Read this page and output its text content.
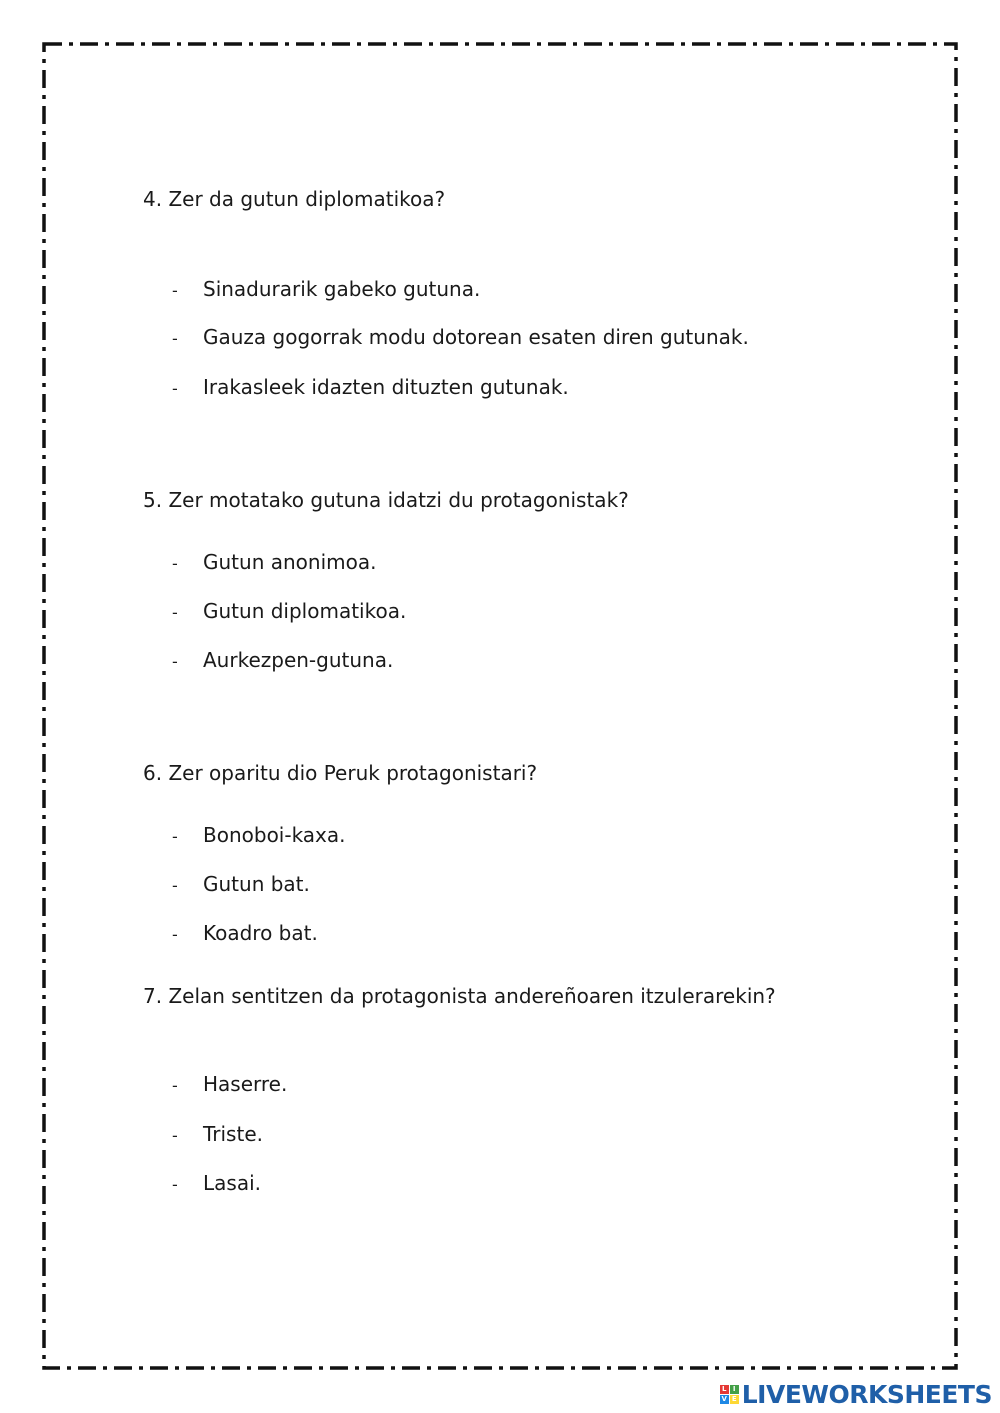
4. Zer da gutun diplomatikoa?
- Sinadurarik gabeko gutuna.
- Gauza gogorrak modu dotorean esaten diren gutunak.
- Irakasleek idazten dituzten gutunak.
5. Zer motatako gutuna idatzi du protagonistak?
- Gutun anonimoa.
- Gutun diplomatikoa.
- Aurkezpen-gutuna.
6. Zer oparitu dio Peruk protagonistari?
- Bonoboi-kaxa.
- Gutun bat.
- Koadro bat.
7. Zelan sentitzen da protagonista andereñoaren itzulerarekin?
- Haserre.
- Triste.
- Lasai.
L I
V E LIVEWORKSHEETS
